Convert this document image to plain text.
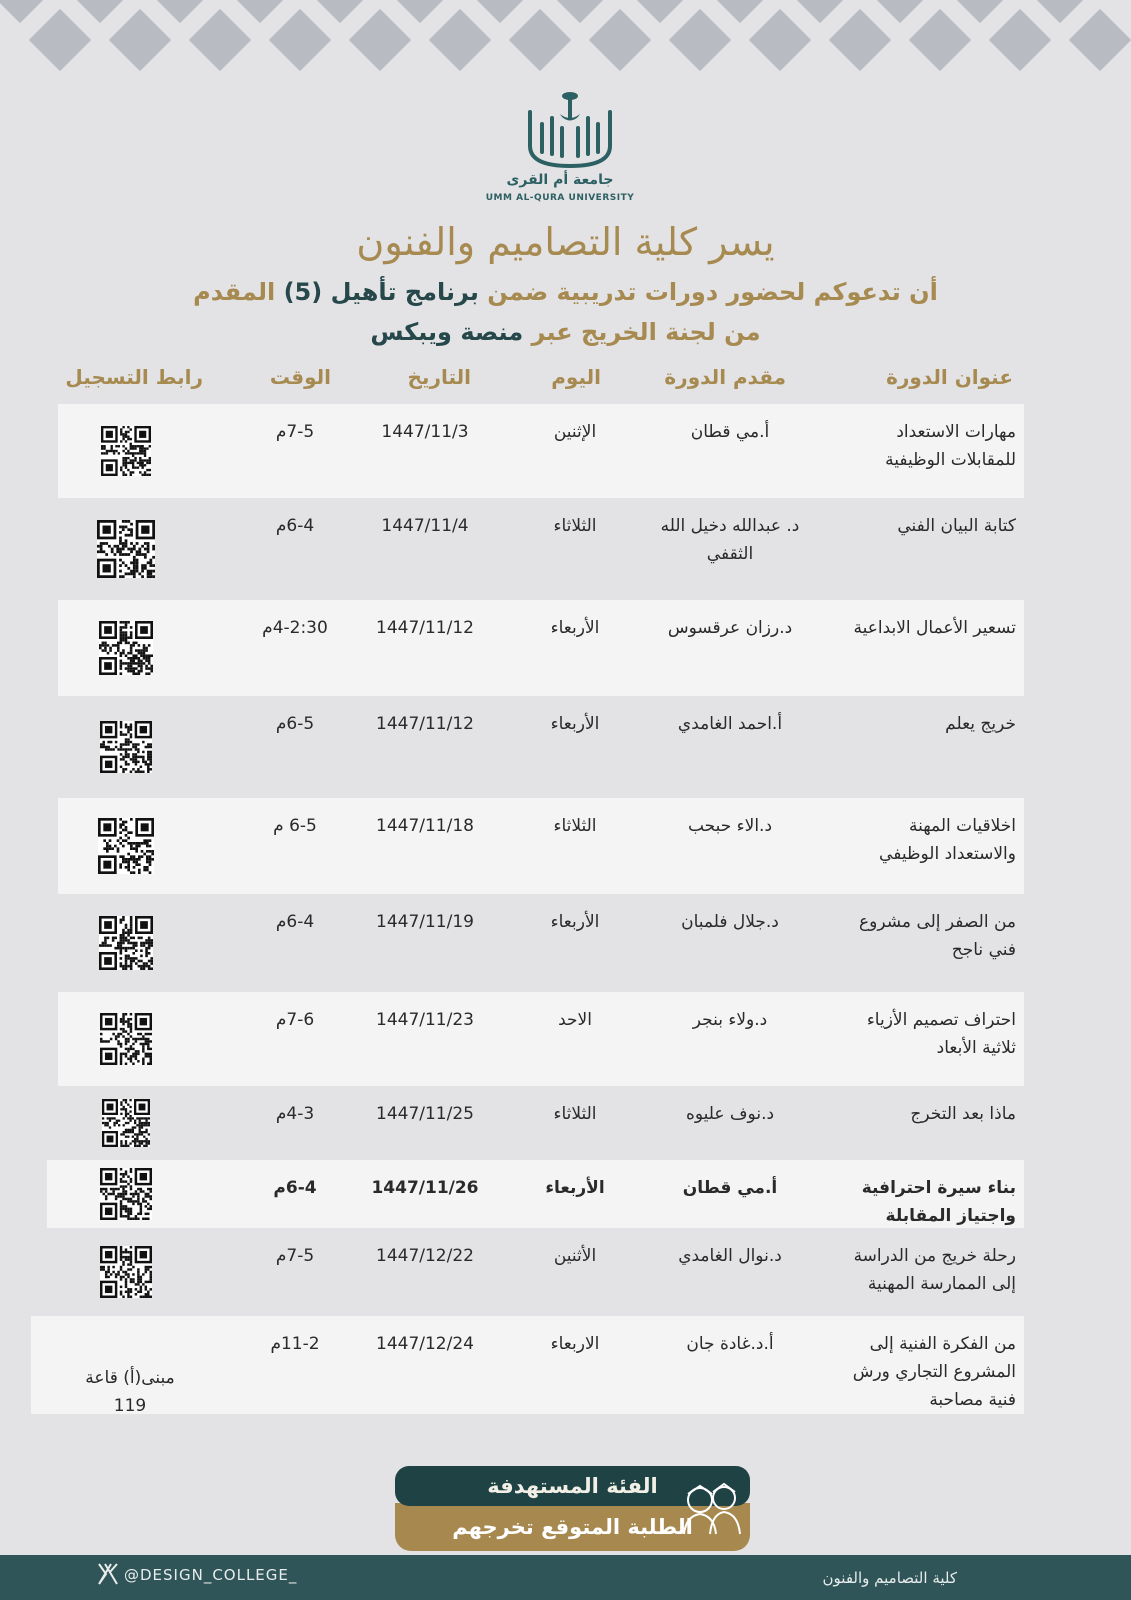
جامعة أم القرى
UMM AL-QURA UNIVERSITY
يسر كلية التصاميم والفنون
أن تدعوكم لحضور دورات تدريبية ضمن برنامج تأهيل (5) المقدم
من لجنة الخريج عبر منصة ويبكس
عنوان الدورة
مقدم الدورة
اليوم
التاريخ
الوقت
رابط التسجيل
الطلبة المتوقع تخرجهم
الفئة المستهدفة
@DESIGN_COLLEGE_	كلية التصاميم والفنون
مهارات الاستعداد للمقابلات الوظيفية
أ.مي قطان
الإثنين
1447/11/3
7-5م
كتابة البيان الفني
د. عبدالله دخيل الله الثقفي
الثلاثاء
1447/11/4
6-4م
تسعير الأعمال الابداعية
د.رزان عرقسوس
الأربعاء
1447/11/12
4-2:30م
خريج يعلم
أ.احمد الغامدي
الأربعاء
1447/11/12
6-5م
اخلاقيات المهنة والاستعداد الوظيفي
د.الاء حبحب
الثلاثاء
1447/11/18
6-5 م
من الصفر إلى مشروع فني ناجح
د.جلال فلمبان
الأربعاء
1447/11/19
6-4م
احتراف تصميم الأزياء ثلاثية الأبعاد
د.ولاء بنجر
الاحد
1447/11/23
7-6م
ماذا بعد التخرج
د.نوف عليوه
الثلاثاء
1447/11/25
4-3م
بناء سيرة احترافية واجتياز المقابلة
أ.مي قطان
الأربعاء
1447/11/26
6-4م
رحلة خريج من الدراسة إلى الممارسة المهنية
د.نوال الغامدي
الأثنين
1447/12/22
7-5م
من الفكرة الفنية إلى المشروع التجاري ورش فنية مصاحبة
أ.د.غادة جان
الاربعاء
1447/12/24
11-2م
مبنى(أ) قاعة 119
